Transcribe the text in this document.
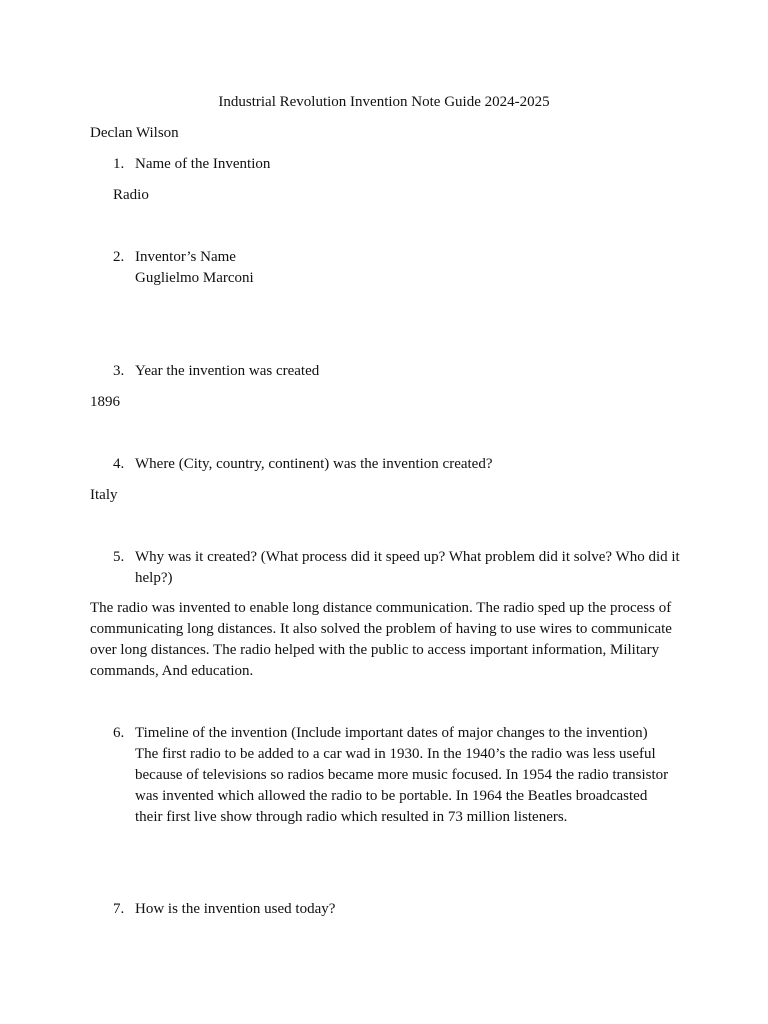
Industrial Revolution Invention Note Guide 2024-2025
Declan Wilson
1. Name of the Invention
Radio
2. Inventor’s Name
Guglielmo Marconi
3. Year the invention was created
1896
4. Where (City, country, continent) was the invention created?
Italy
5. Why was it created? (What process did it speed up? What problem did it solve? Who did it help?)
The radio was invented to enable long distance communication. The radio sped up the process of communicating long distances. It also solved the problem of having to use wires to communicate over long distances. The radio helped with the public to access important information, Military commands, And education.
6. Timeline of the invention (Include important dates of major changes to the invention)
The first radio to be added to a car wad in 1930. In the 1940’s the radio was less useful because of televisions so radios became more music focused. In 1954 the radio transistor was invented which allowed the radio to be portable. In 1964 the Beatles broadcasted their first live show through radio which resulted in 73 million listeners.
7. How is the invention used today?
